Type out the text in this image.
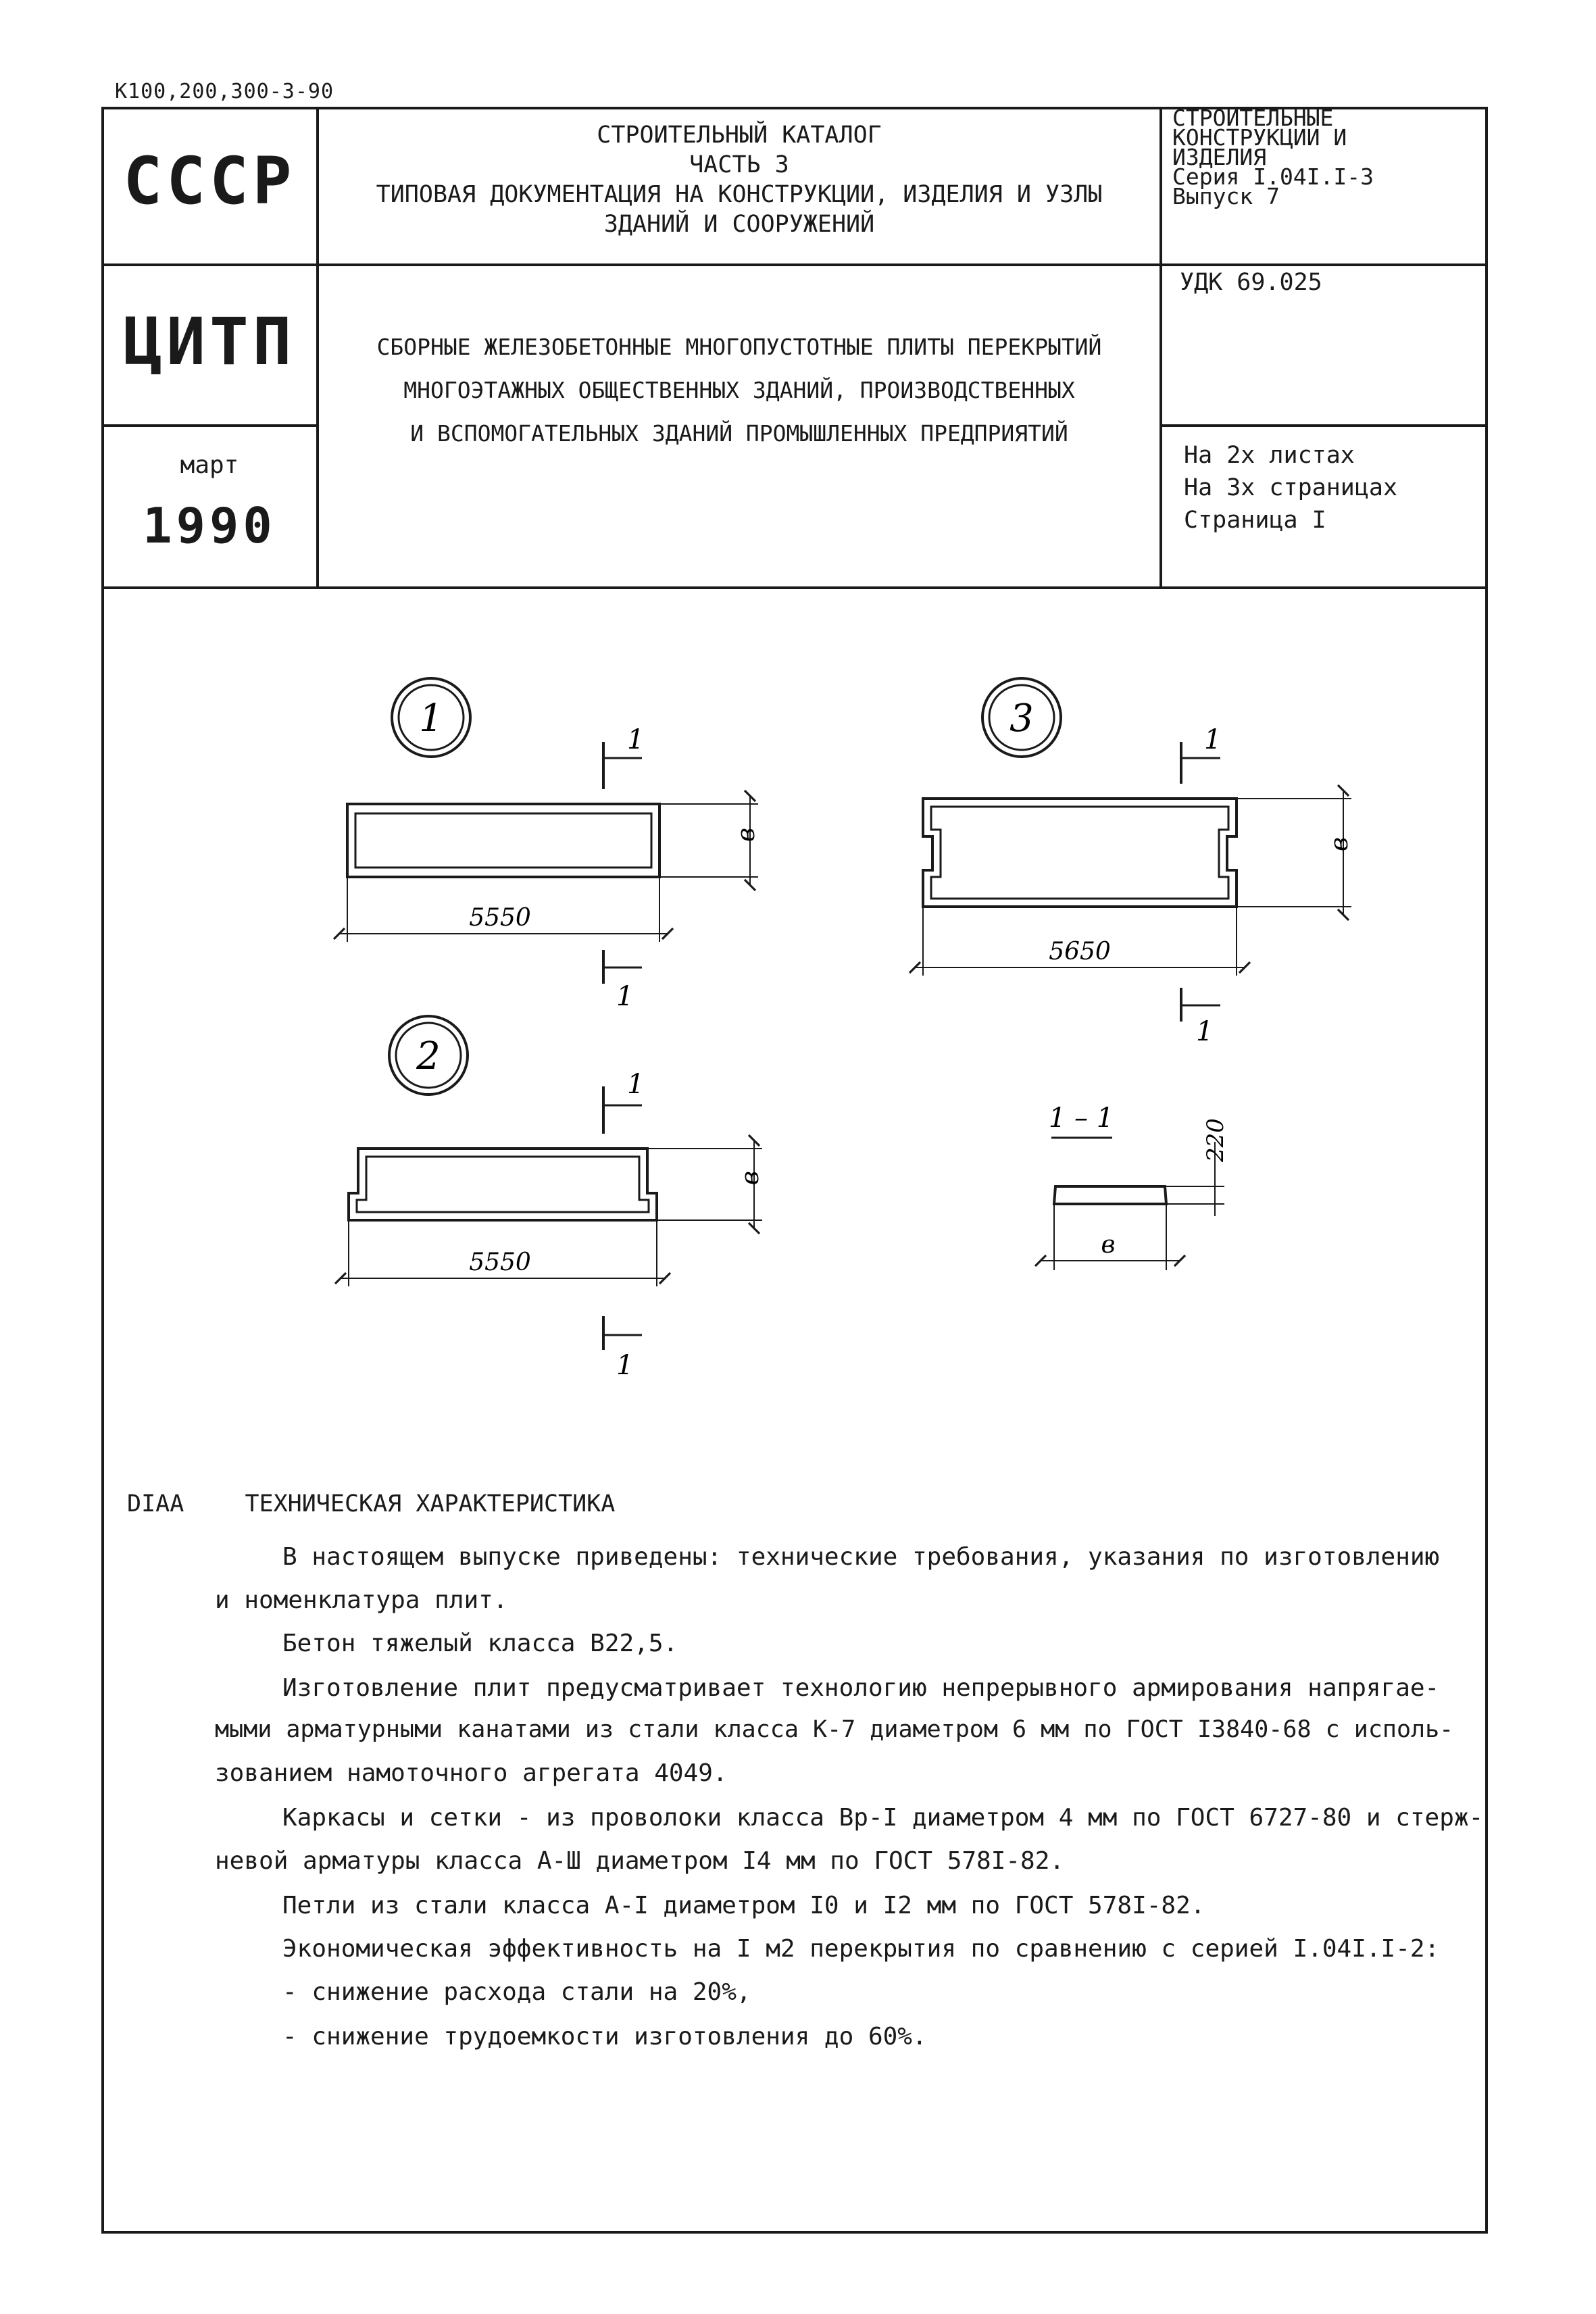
К100,200,300-3-90
СССР
ЦИТП
март
1990
СТРОИТЕЛЬНЫЙ КАТАЛОГ
ЧАСТЬ 3
ТИПОВАЯ ДОКУМЕНТАЦИЯ НА КОНСТРУКЦИИ, ИЗДЕЛИЯ И УЗЛЫ
ЗДАНИЙ И СООРУЖЕНИЙ
СТРОИТЕЛЬНЫЕ
КОНСТРУКЦИИ И
ИЗДЕЛИЯ
Серия I.04I.I-3
Выпуск 7
СБОРНЫЕ ЖЕЛЕЗОБЕТОННЫЕ МНОГОПУСТОТНЫЕ ПЛИТЫ ПЕРЕКРЫТИЙ
МНОГОЭТАЖНЫХ ОБЩЕСТВЕННЫХ ЗДАНИЙ, ПРОИЗВОДСТВЕННЫХ
И ВСПОМОГАТЕЛЬНЫХ ЗДАНИЙ ПРОМЫШЛЕННЫХ ПРЕДПРИЯТИЙ
УДК 69.025
На 2х листах
На 3х страницах
Страница I
1	1
1
в
5550
2
1
1
в
5550
3	1
1
в
5650
1 – 1
220
в
DIAA	ТЕХНИЧЕСКАЯ ХАРАКТЕРИСТИКА
В настоящем выпуске приведены: технические требования, указания по изготовлению
и номенклатура плит.
Бетон тяжелый класса В22,5.
Изготовление плит предусматривает технологию непрерывного армирования напрягае-
мыми арматурными канатами из стали класса К-7 диаметром 6 мм по ГОСТ I3840-68 с исполь-
зованием намоточного агрегата 4049.
Каркасы и сетки - из проволоки класса Вр-I диаметром 4 мм по ГОСТ 6727-80 и стерж-
невой арматуры класса А-Ш диаметром I4 мм по ГОСТ 578I-82.
Петли из стали класса А-I диаметром I0 и I2 мм по ГОСТ 578I-82.
Экономическая эффективность на I м2 перекрытия по сравнению с серией I.04I.I-2:
- снижение расхода стали на 20%,
- снижение трудоемкости изготовления до 60%.
